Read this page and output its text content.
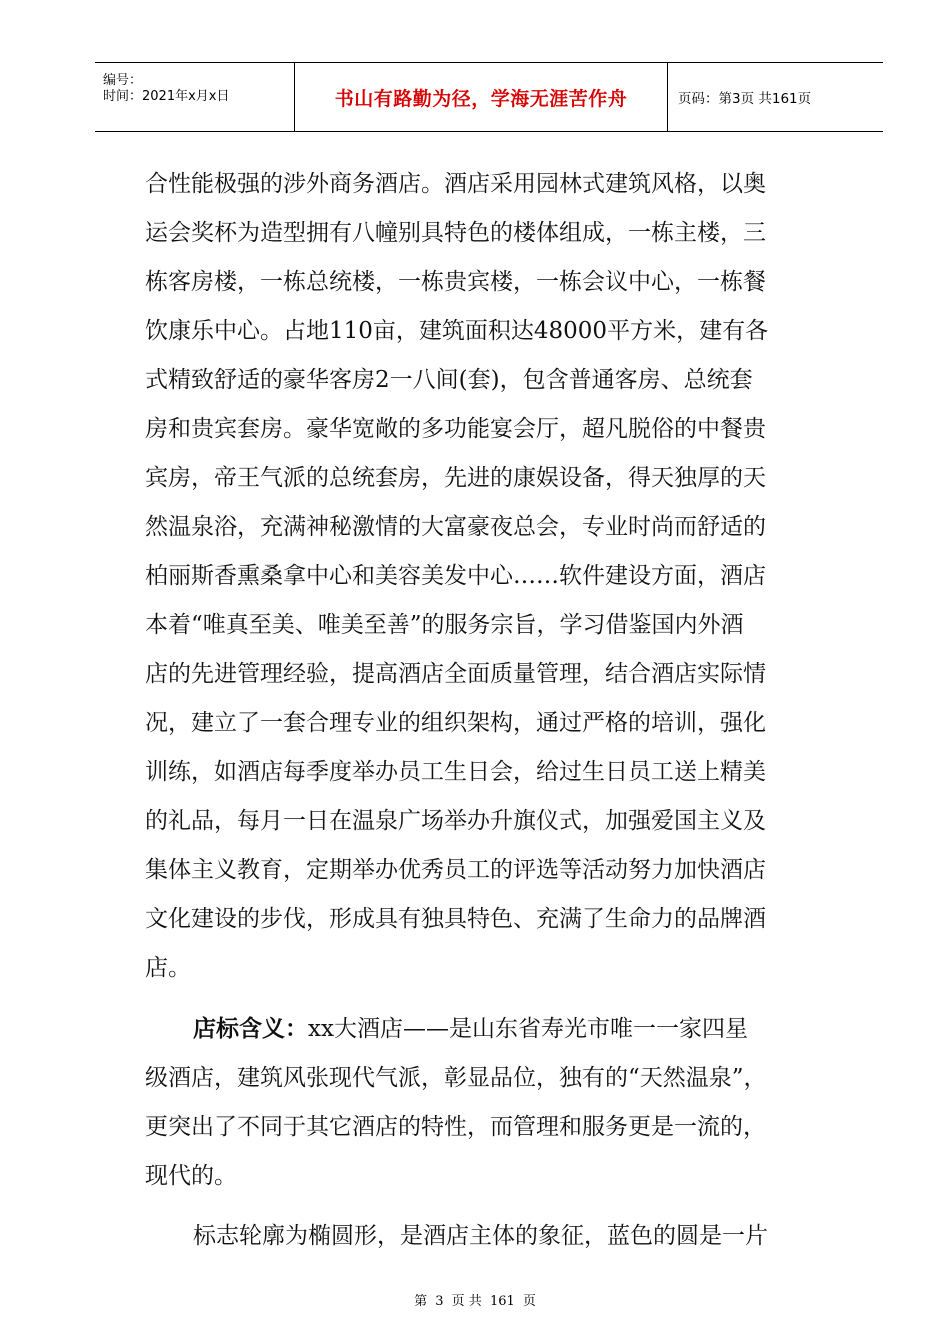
编号：
时间：2021年x月x日	书山有路勤为径，学海无涯苦作舟	页码：第3页 共161页

合性能极强的涉外商务酒店。酒店采用园林式建筑风格，以奥

运会奖杯为造型拥有八幢别具特色的楼体组成，一栋主楼，三

栋客房楼，一栋总统楼，一栋贵宾楼，一栋会议中心，一栋餐

饮康乐中心。占地110亩，建筑面积达48000平方米，建有各

式精致舒适的豪华客房2一八间(套)，包含普通客房、总统套

房和贵宾套房。豪华宽敞的多功能宴会厅，超凡脱俗的中餐贵

宾房，帝王气派的总统套房，先进的康娱设备，得天独厚的天

然温泉浴，充满神秘激情的大富豪夜总会，专业时尚而舒适的

柏丽斯香熏桑拿中心和美容美发中心……软件建设方面，酒店

本着“唯真至美、唯美至善”的服务宗旨，学习借鉴国内外酒

店的先进管理经验，提高酒店全面质量管理，结合酒店实际情

况，建立了一套合理专业的组织架构，通过严格的培训，强化

训练，如酒店每季度举办员工生日会，给过生日员工送上精美

的礼品，每月一日在温泉广场举办升旗仪式，加强爱国主义及

集体主义教育，定期举办优秀员工的评选等活动努力加快酒店

文化建设的步伐，形成具有独具特色、充满了生命力的品牌酒

店。

店标含义：xx大酒店——是山东省寿光市唯一一家四星

级酒店，建筑风张现代气派，彰显品位，独有的“天然温泉”，

更突出了不同于其它酒店的特性，而管理和服务更是一流的，

现代的。

标志轮廓为椭圆形，是酒店主体的象征，蓝色的圆是一片

第 3 页 共 161 页
